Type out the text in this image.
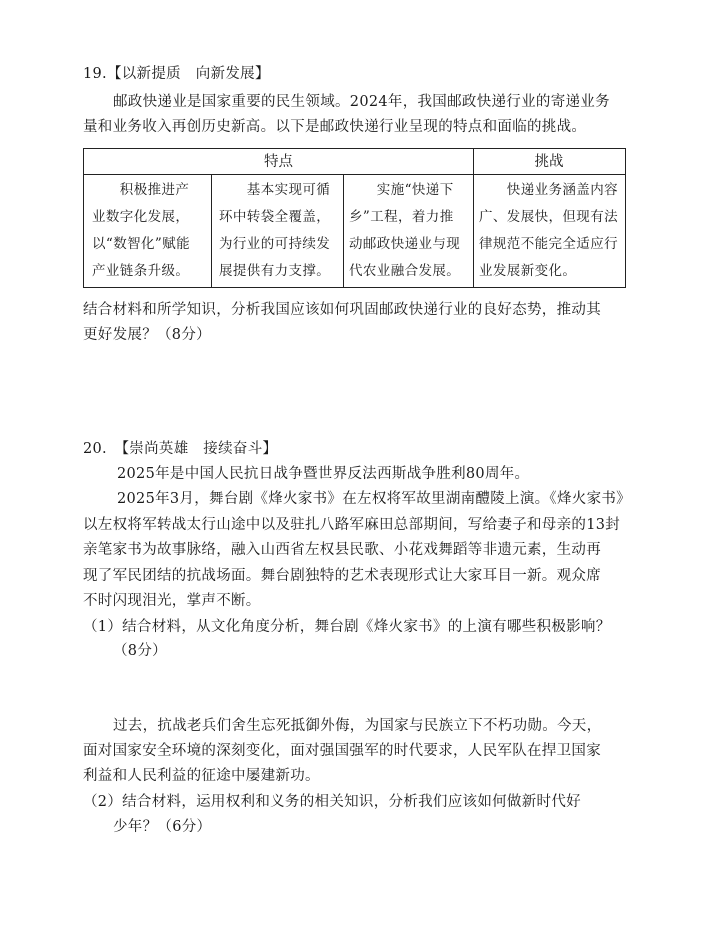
19.【以新提质　向新发展】
邮政快递业是国家重要的民生领域。2024年，我国邮政快递行业的寄递业务
量和业务收入再创历史新高。以下是邮政快递行业呈现的特点和面临的挑战。
特点	挑战
　　积极推进产
业数字化发展，
以“数智化”赋能
产业链条升级。
　　基本实现可循
环中转袋全覆盖，
为行业的可持续发
展提供有力支撑。
　　实施“快递下
乡”工程，着力推
动邮政快递业与现
代农业融合发展。
　　快递业务涵盖内容
广、发展快，但现有法
律规范不能完全适应行
业发展新变化。
结合材料和所学知识，分析我国应该如何巩固邮政快递行业的良好态势，推动其
更好发展？（8分）
20.　【崇尚英雄　接续奋斗】
2025年是中国人民抗日战争暨世界反法西斯战争胜利80周年。
2025年3月，舞台剧《烽火家书》在左权将军故里湖南醴陵上演。《烽火家书》
以左权将军转战太行山途中以及驻扎八路军麻田总部期间，写给妻子和母亲的13封
亲笔家书为故事脉络，融入山西省左权县民歌、小花戏舞蹈等非遗元素，生动再
现了军民团结的抗战场面。舞台剧独特的艺术表现形式让大家耳目一新。观众席
不时闪现泪光，掌声不断。
（1）结合材料，从文化角度分析，舞台剧《烽火家书》的上演有哪些积极影响？
（8分）
过去，抗战老兵们舍生忘死抵御外侮，为国家与民族立下不朽功勋。今天，
面对国家安全环境的深刻变化，面对强国强军的时代要求，人民军队在捍卫国家
利益和人民利益的征途中屡建新功。
（2）结合材料，运用权利和义务的相关知识，分析我们应该如何做新时代好
少年？（6分）
